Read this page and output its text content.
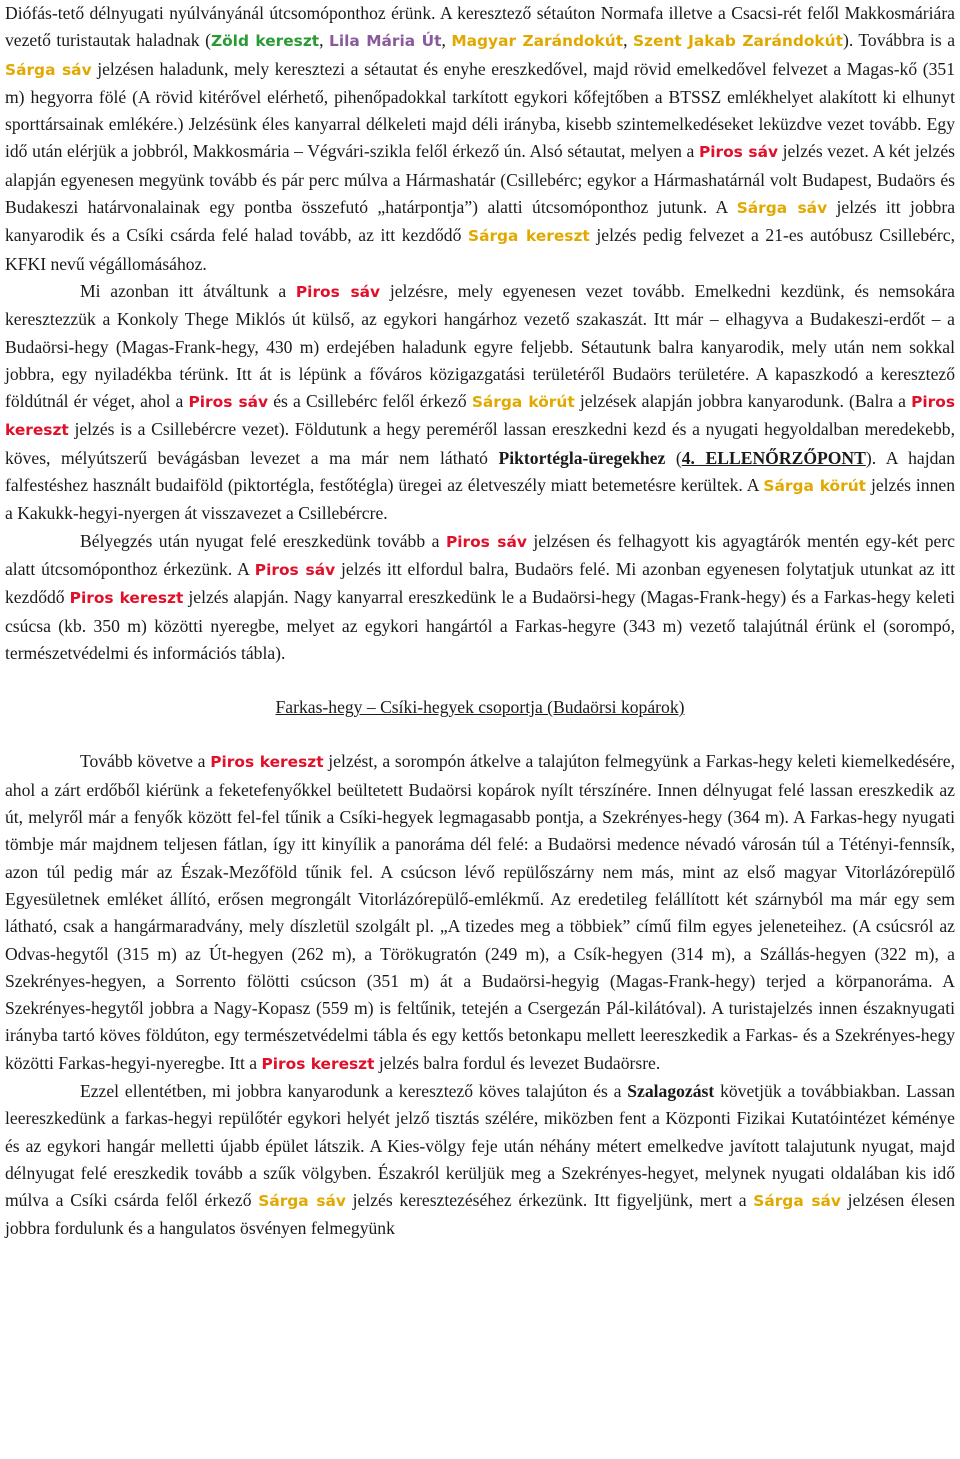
Diófás-tető délnyugati nyúlványánál útcsomóponthoz érünk. A keresztező sétaúton Normafa illetve a Csacsi-rét felől Makkosmáriára vezető turistautak haladnak (Zöld kereszt, Lila Mária Út, Magyar Zarándokút, Szent Jakab Zarándokút). Továbbra is a Sárga sáv jelzésen haladunk, mely keresztezi a sétautat és enyhe ereszkedővel, majd rövid emelkedővel felvezet a Magas-kő (351 m) hegyorra fölé (A rövid kitérővel elérhető, pihenőpadokkal tarkított egykori kőfejtőben a BTSSZ emlékhelyet alakított ki elhunyt sporttársainak emlékére.) Jelzésünk éles kanyarral délkeleti majd déli irányba, kisebb szintemelkedéseket leküzdve vezet tovább. Egy idő után elérjük a jobbról, Makkosmária – Végvári-szikla felől érkező ún. Alsó sétautat, melyen a Piros sáv jelzés vezet. A két jelzés alapján egyenesen megyünk tovább és pár perc múlva a Hármashatár (Csillebérc; egykor a Hármashatárnál volt Budapest, Budaörs és Budakeszi határvonalainak egy pontba összefutó „határpontja”) alatti útcsomóponthoz jutunk. A Sárga sáv jelzés itt jobbra kanyarodik és a Csíki csárda felé halad tovább, az itt kezdődő Sárga kereszt jelzés pedig felvezet a 21-es autóbusz Csillebérc, KFKI nevű végállomásához.

Mi azonban itt átváltunk a Piros sáv jelzésre, mely egyenesen vezet tovább. Emelkedni kezdünk, és nemsokára keresztezzük a Konkoly Thege Miklós út külső, az egykori hangárhoz vezető szakaszát. Itt már – elhagyva a Budakeszi-erdőt – a Budaörsi-hegy (Magas-Frank-hegy, 430 m) erdejében haladunk egyre feljebb. Sétautunk balra kanyarodik, mely után nem sokkal jobbra, egy nyiladékba térünk. Itt át is lépünk a főváros közigazgatási területéről Budaörs területére. A kapaszkodó a keresztező földútnál ér véget, ahol a Piros sáv és a Csillebérc felől érkező Sárga körút jelzések alapján jobbra kanyarodunk. (Balra a Piros kereszt jelzés is a Csillebércre vezet). Földutunk a hegy pereméről lassan ereszkedni kezd és a nyugati hegyoldalban meredekebb, köves, mélyútszerű bevágásban levezet a ma már nem látható Piktortégla-üregekhez (4. ELLENŐRZŐPONT). A hajdan falfestéshez használt budaiföld (piktortégla, festőtégla) üregei az életveszély miatt betemetésre kerültek. A Sárga körút jelzés innen a Kakukk-hegyi-nyergen át visszavezet a Csillebércre.

Bélyegzés után nyugat felé ereszkedünk tovább a Piros sáv jelzésen és felhagyott kis agyagtárók mentén egy-két perc alatt útcsomóponthoz érkezünk. A Piros sáv jelzés itt elfordul balra, Budaörs felé. Mi azonban egyenesen folytatjuk utunkat az itt kezdődő Piros kereszt jelzés alapján. Nagy kanyarral ereszkedünk le a Budaörsi-hegy (Magas-Frank-hegy) és a Farkas-hegy keleti csúcsa (kb. 350 m) közötti nyeregbe, melyet az egykori hangártól a Farkas-hegyre (343 m) vezető talajútnál érünk el (sorompó, természetvédelmi és információs tábla).

Farkas-hegy – Csíki-hegyek csoportja (Budaörsi kopárok)

Tovább követve a Piros kereszt jelzést, a sorompón átkelve a talajúton felmegyünk a Farkas-hegy keleti kiemelkedésére, ahol a zárt erdőből kiérünk a feketefenyőkkel beültetett Budaörsi kopárok nyílt térszínére. Innen délnyugat felé lassan ereszkedik az út, melyről már a fenyők között fel-fel tűnik a Csíki-hegyek legmagasabb pontja, a Szekrényes-hegy (364 m). A Farkas-hegy nyugati tömbje már majdnem teljesen fátlan, így itt kinyílik a panoráma dél felé: a Budaörsi medence névadó városán túl a Tétényi-fennsík, azon túl pedig már az Észak-Mezőföld tűnik fel. A csúcson lévő repülőszárny nem más, mint az első magyar Vitorlázórepülő Egyesületnek emléket állító, erősen megrongált Vitorlázórepülő-emlékmű. Az eredetileg felállított két szárnyból ma már egy sem látható, csak a hangármaradvány, mely díszletül szolgált pl. „A tizedes meg a többiek” című film egyes jeleneteihez. (A csúcsról az Odvas-hegytől (315 m) az Út-hegyen (262 m), a Törökugratón (249 m), a Csík-hegyen (314 m), a Szállás-hegyen (322 m), a Szekrényes-hegyen, a Sorrento fölötti csúcson (351 m) át a Budaörsi-hegyig (Magas-Frank-hegy) terjed a körpanoráma. A Szekrényes-hegytől jobbra a Nagy-Kopasz (559 m) is feltűnik, tetején a Csergezán Pál-kilátóval). A turistajelzés innen északnyugati irányba tartó köves földúton, egy természetvédelmi tábla és egy kettős betonkapu mellett leereszkedik a Farkas- és a Szekrényes-hegy közötti Farkas-hegyi-nyeregbe. Itt a Piros kereszt jelzés balra fordul és levezet Budaörsre.

Ezzel ellentétben, mi jobbra kanyarodunk a keresztező köves talajúton és a Szalagozást követjük a továbbiakban. Lassan leereszkedünk a farkas-hegyi repülőtér egykori helyét jelző tisztás szélére, miközben fent a Központi Fizikai Kutatóintézet kéménye és az egykori hangár melletti újabb épület látszik. A Kies-völgy feje után néhány métert emelkedve javított talajutunk nyugat, majd délnyugat felé ereszkedik tovább a szűk völgyben. Északról kerüljük meg a Szekrényes-hegyet, melynek nyugati oldalában kis idő múlva a Csíki csárda felől érkező Sárga sáv jelzés keresztezéséhez érkezünk. Itt figyeljünk, mert a Sárga sáv jelzésen élesen jobbra fordulunk és a hangulatos ösvényen felmegyünk
